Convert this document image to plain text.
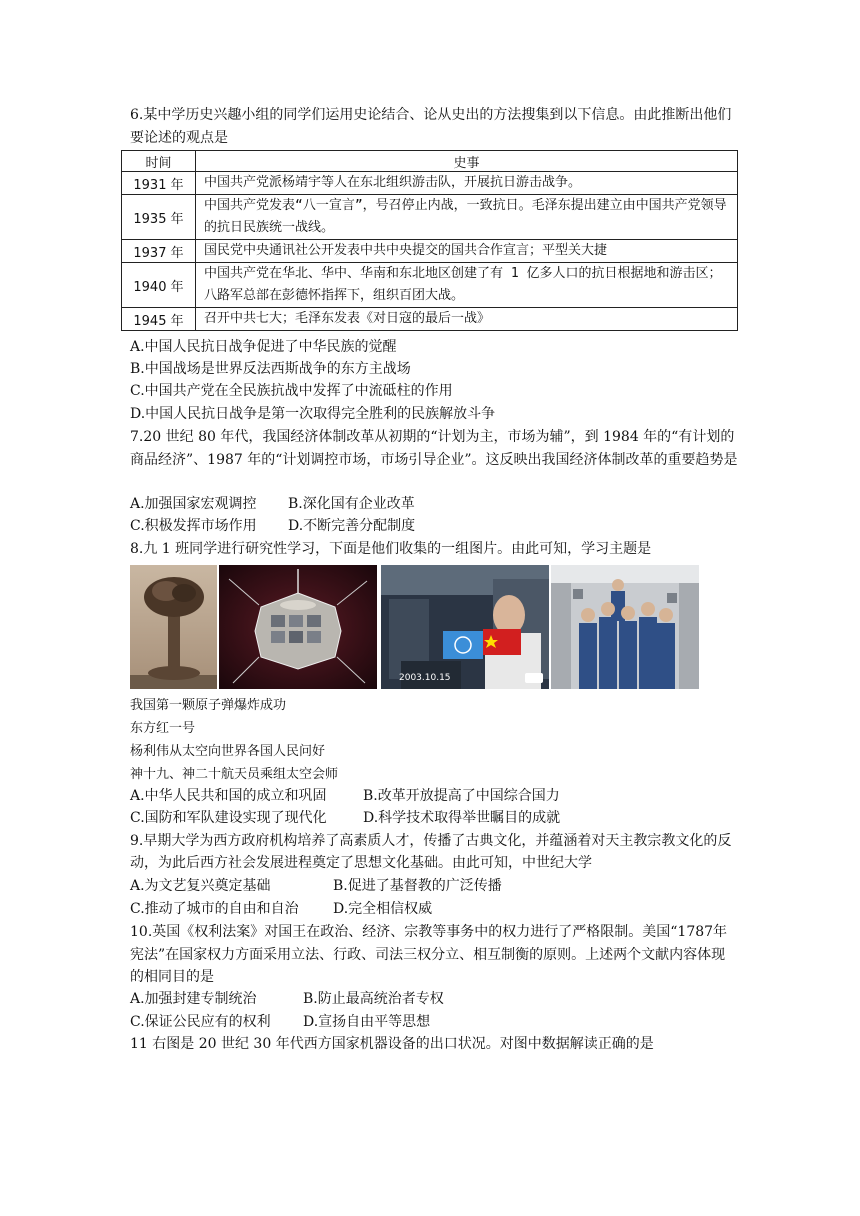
6.某中学历史兴趣小组的同学们运用史论结合、论从史出的方法搜集到以下信息。由此推断出他们要论述的观点是
时间	史事
1931 年	中国共产党派杨靖宇等人在东北组织游击队，开展抗日游击战争。
1935 年	中国共产党发表“八一宣言”，号召停止内战，一致抗日。毛泽东提出建立由中国共产党领导的抗日民族统一战线。
1937 年	国民党中央通讯社公开发表中共中央提交的国共合作宣言；平型关大捷
1940 年	中国共产党在华北、华中、华南和东北地区创建了有 1 亿多人口的抗日根据地和游击区；八路军总部在彭德怀指挥下，组织百团大战。
1945 年	召开中共七大；毛泽东发表《对日寇的最后一战》
A.中国人民抗日战争促进了中华民族的觉醒
B.中国战场是世界反法西斯战争的东方主战场
C.中国共产党在全民族抗战中发挥了中流砥柱的作用
D.中国人民抗日战争是第一次取得完全胜利的民族解放斗争
7.20 世纪 80 年代，我国经济体制改革从初期的“计划为主，市场为辅”，到 1984 年的“有计划的商品经济”、1987 年的“计划调控市场，市场引导企业”。这反映出我国经济体制改革的重要趋势是
A.加强国家宏观调控 B.深化国有企业改革
C.积极发挥市场作用 D.不断完善分配制度
8.九 1 班同学进行研究性学习，下面是他们收集的一组图片。由此可知，学习主题是
2003.10.15
我国第一颗原子弹爆炸成功
东方红一号
杨利伟从太空向世界各国人民问好
神十九、神二十航天员乘组太空会师
A.中华人民共和国的成立和巩固	B.改革开放提高了中国综合国力
C.国防和军队建设实现了现代化	D.科学技术取得举世瞩目的成就
9.早期大学为西方政府机构培养了高素质人才，传播了古典文化，并蕴涵着对天主教宗教文化的反动，为此后西方社会发展进程奠定了思想文化基础。由此可知，中世纪大学
A.为文艺复兴奠定基础	B.促进了基督教的广泛传播
C.推动了城市的自由和自治 D.完全相信权威
10.英国《权利法案》对国王在政治、经济、宗教等事务中的权力进行了严格限制。美国“1787年宪法”在国家权力方面采用立法、行政、司法三权分立、相互制衡的原则。上述两个文献内容体现的相同目的是
A.加强封建专制统治	B.防止最高统治者专权
C.保证公民应有的权利 D.宣扬自由平等思想
11 右图是 20 世纪 30 年代西方国家机器设备的出口状况。对图中数据解读正确的是
